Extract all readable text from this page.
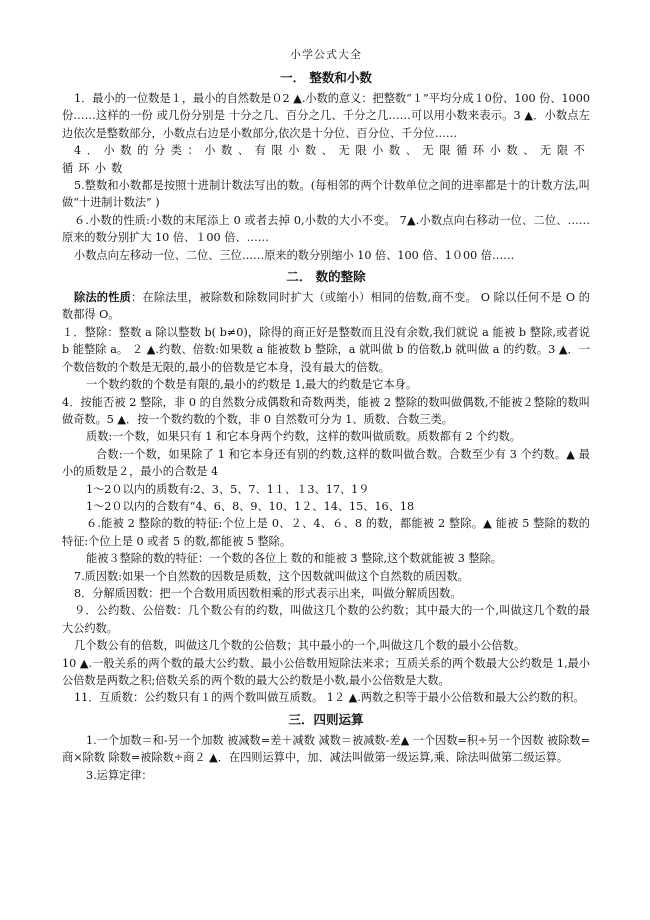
小学公式大全
一． 整数和小数

1．最小的一位数是１，最小的自然数是０2 ▲.小数的意义：把整数“１”平均分成１0份、100 份、1000 份……这样的一份 或几份分别是 十分之几、百分之几、千分之几……可以用小数来表示。3 ▲．小数点左边依次是整数部分，小数点右边是小数部分,依次是十分位、百分位、千分位……

4．小数的分类：小数、有限小数、无限小数、无限循环小数、无限不循环小数

5.整数和小数都是按照十进制计数法写出的数。(每相邻的两个计数单位之间的进率都是十的计数方法,叫做“十进制计数法” )

６.小数的性质:小数的末尾添上 0 或者去掉 0,小数的大小不变。 7▲.小数点向右移动一位、二位、……原来的数分别扩大 10 倍、１00 倍、……

小数点向左移动一位、二位、三位……原来的数分别缩小 10 倍、100 倍、1０00 倍……

二． 数的整除

除法的性质：在除法里，被除数和除数同时扩大（或缩小）相同的倍数,商不变。 O 除以任何不是 O 的数都得 O。

１．整除：整数 a 除以整数 b( b≠0)，除得的商正好是整数而且没有余数,我们就说 a 能被 b 整除,或者说 b 能整除 a。 ２ ▲.约数、倍数:如果数 a 能被数 b 整除，a 就叫做 b 的倍数,b 就叫做 a 的约数。3 ▲．一个数倍数的个数是无限的,最小的倍数是它本身，没有最大的倍数。

一个数约数的个数是有限的,最小的约数是 1,最大的约数是它本身。

4．按能否被 2 整除，非 0 的自然数分成偶数和奇数两类，能被 2 整除的数叫做偶数,不能被２整除的数叫做奇数。5 ▲．按一个数约数的个数，非 0 自然数可分为 1、质数、合数三类。

质数:一个数，如果只有 1 和它本身两个约数，这样的数叫做质数。质数都有 2 个约数。

合数:一个数，如果除了 1 和它本身还有别的约数,这样的数叫做合数。合数至少有 3 个约数。▲ 最小的质数是２，最小的合数是 4

1～2０以内的质数有:2、3、5、7、1１、１3、17、1９

1～2０以内的合数有“4、6、8、9、10、1２、14、15、16、18

６.能被 2 整除的数的特征:个位上是 0、２、4、６、8 的数，都能被 2 整除。▲ 能被 5 整除的数的特征:个位上是 0 或者 5 的数,都能被 5 整除。

能被３整除的数的特征：一个数的各位上 数的和能被 3 整除,这个数就能被 3 整除。

7.质因数:如果一个自然数的因数是质数，这个因数就叫做这个自然数的质因数。

8．分解质因数：把一个合数用质因数相乘的形式表示出来，叫做分解质因数。

９．公约数、公倍数：几个数公有的约数，叫做这几个数的公约数；其中最大的一个,叫做这几个数的最大公约数。

几个数公有的倍数，叫做这几个数的公倍数；其中最小的一个,叫做这几个数的最小公倍数。

10 ▲.一般关系的两个数的最大公约数、最小公倍数用短除法来求；互质关系的两个数最大公约数是 1,最小公倍数是两数之积;倍数关系的两个数的最大公约数是小数,最小公倍数是大数。

11．互质数：公约数只有１的两个数叫做互质数。 1２ ▲.两数之积等于最小公倍数和最大公约数的积。

三．四则运算

1.一个加数＝和-另一个加数 被减数=差＋减数 减数＝被减数-差▲ 一个因数=积÷另一个因数 被除数=商×除数 除数=被除数÷商２ ▲．在四则运算中，加、减法叫做第一级运算,乘、除法叫做第二级运算。

3.运算定律：
